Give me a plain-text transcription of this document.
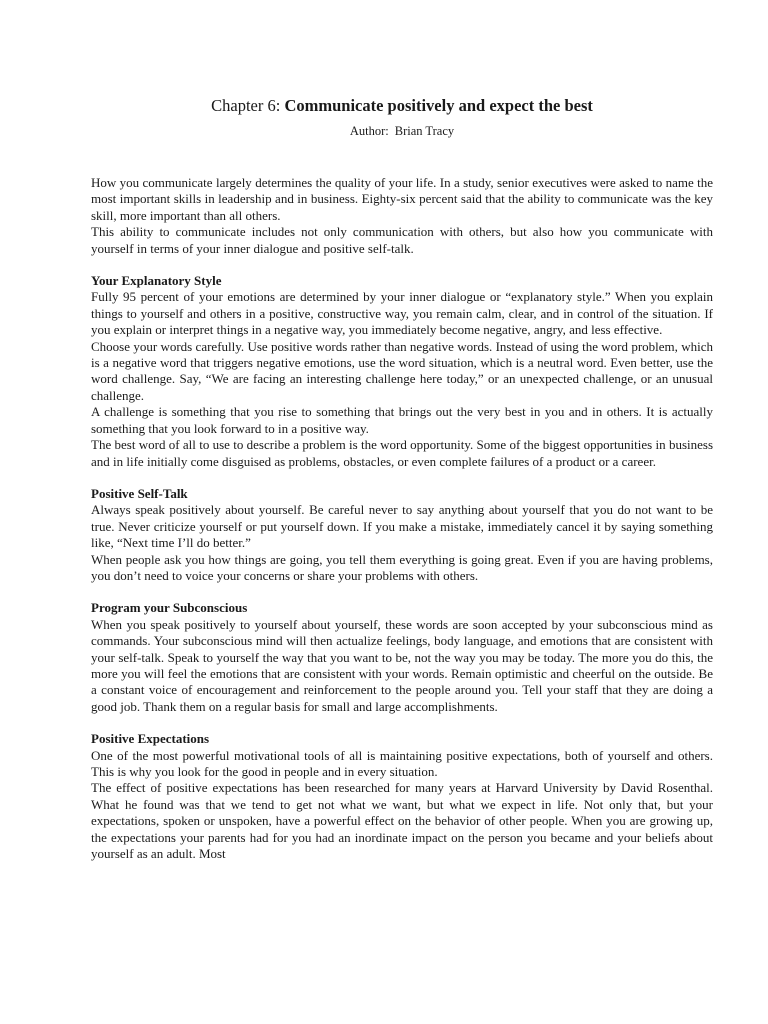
Chapter 6: Communicate positively and expect the best
Author: Brian Tracy

How you communicate largely determines the quality of your life. In a study, senior executives were asked to name the most important skills in leadership and in business. Eighty-six percent said that the ability to communicate was the key skill, more important than all others.

This ability to communicate includes not only communication with others, but also how you communicate with yourself in terms of your inner dialogue and positive self-talk.

Your Explanatory Style

Fully 95 percent of your emotions are determined by your inner dialogue or “explanatory style.” When you explain things to yourself and others in a positive, constructive way, you remain calm, clear, and in control of the situation. If you explain or interpret things in a negative way, you immediately become negative, angry, and less effective.

Choose your words carefully. Use positive words rather than negative words. Instead of using the word problem, which is a negative word that triggers negative emotions, use the word situation, which is a neutral word. Even better, use the word challenge. Say, “We are facing an interesting challenge here today,” or an unexpected challenge, or an unusual challenge.

A challenge is something that you rise to something that brings out the very best in you and in others. It is actually something that you look forward to in a positive way.

The best word of all to use to describe a problem is the word opportunity. Some of the biggest opportunities in business and in life initially come disguised as problems, obstacles, or even complete failures of a product or a career.

Positive Self-Talk

Always speak positively about yourself. Be careful never to say anything about yourself that you do not want to be true. Never criticize yourself or put yourself down. If you make a mistake, immediately cancel it by saying something like, “Next time I’ll do better.”

When people ask you how things are going, you tell them everything is going great. Even if you are having problems, you don’t need to voice your concerns or share your problems with others.

Program your Subconscious

When you speak positively to yourself about yourself, these words are soon accepted by your subconscious mind as commands. Your subconscious mind will then actualize feelings, body language, and emotions that are consistent with your self-talk. Speak to yourself the way that you want to be, not the way you may be today. The more you do this, the more you will feel the emotions that are consistent with your words. Remain optimistic and cheerful on the outside. Be a constant voice of encouragement and reinforcement to the people around you. Tell your staff that they are doing a good job. Thank them on a regular basis for small and large accomplishments.

Positive Expectations

One of the most powerful motivational tools of all is maintaining positive expectations, both of yourself and others. This is why you look for the good in people and in every situation.

The effect of positive expectations has been researched for many years at Harvard University by David Rosenthal. What he found was that we tend to get not what we want, but what we expect in life. Not only that, but your expectations, spoken or unspoken, have a powerful effect on the behavior of other people. When you are growing up, the expectations your parents had for you had an inordinate impact on the person you became and your beliefs about yourself as an adult. Most
